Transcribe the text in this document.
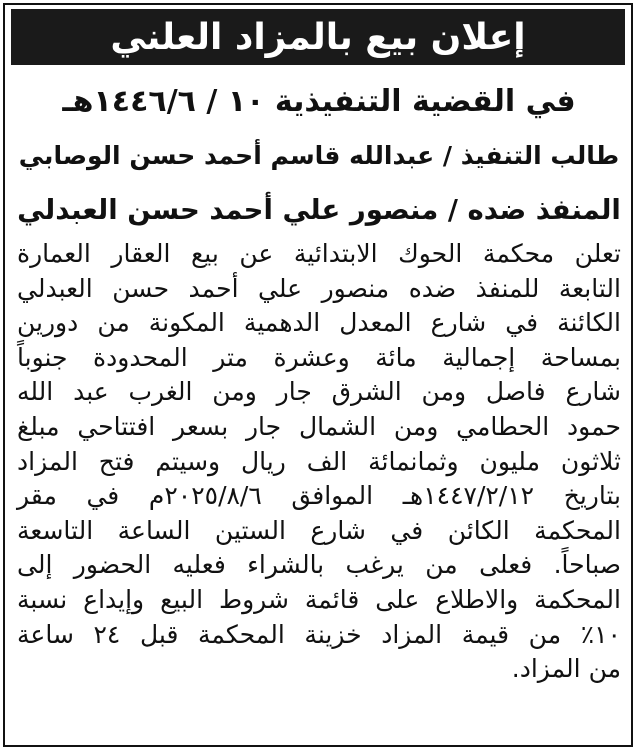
إعلان بيع بالمزاد العلني
في القضية التنفيذية ١٠ / ١٤٤٦/٦هـ
طالب التنفيذ / عبدالله قاسم أحمد حسن الوصابي
المنفذ ضده / منصور علي أحمد حسن العبدلي
تعلن محكمة الحوك الابتدائية عن بيع العقار العمارة
التابعة للمنفذ ضده منصور علي أحمد حسن العبدلي
الكائنة في شارع المعدل الدهمية المكونة من دورين
بمساحة إجمالية مائة وعشرة متر المحدودة جنوباً
شارع فاصل ومن الشرق جار ومن الغرب عبد الله
حمود الحطامي ومن الشمال جار بسعر افتتاحي مبلغ
ثلاثون مليون وثمانمائة الف ريال وسيتم فتح المزاد
بتاريخ ١٤٤٧/٢/١٢هـ الموافق ٢٠٢٥/٨/٦م في مقر
المحكمة الكائن في شارع الستين الساعة التاسعة
صباحاً. فعلى من يرغب بالشراء فعليه الحضور إلى
المحكمة والاطلاع على قائمة شروط البيع وإيداع نسبة
١٠٪ من قيمة المزاد خزينة المحكمة قبل ٢٤ ساعة
من المزاد.
